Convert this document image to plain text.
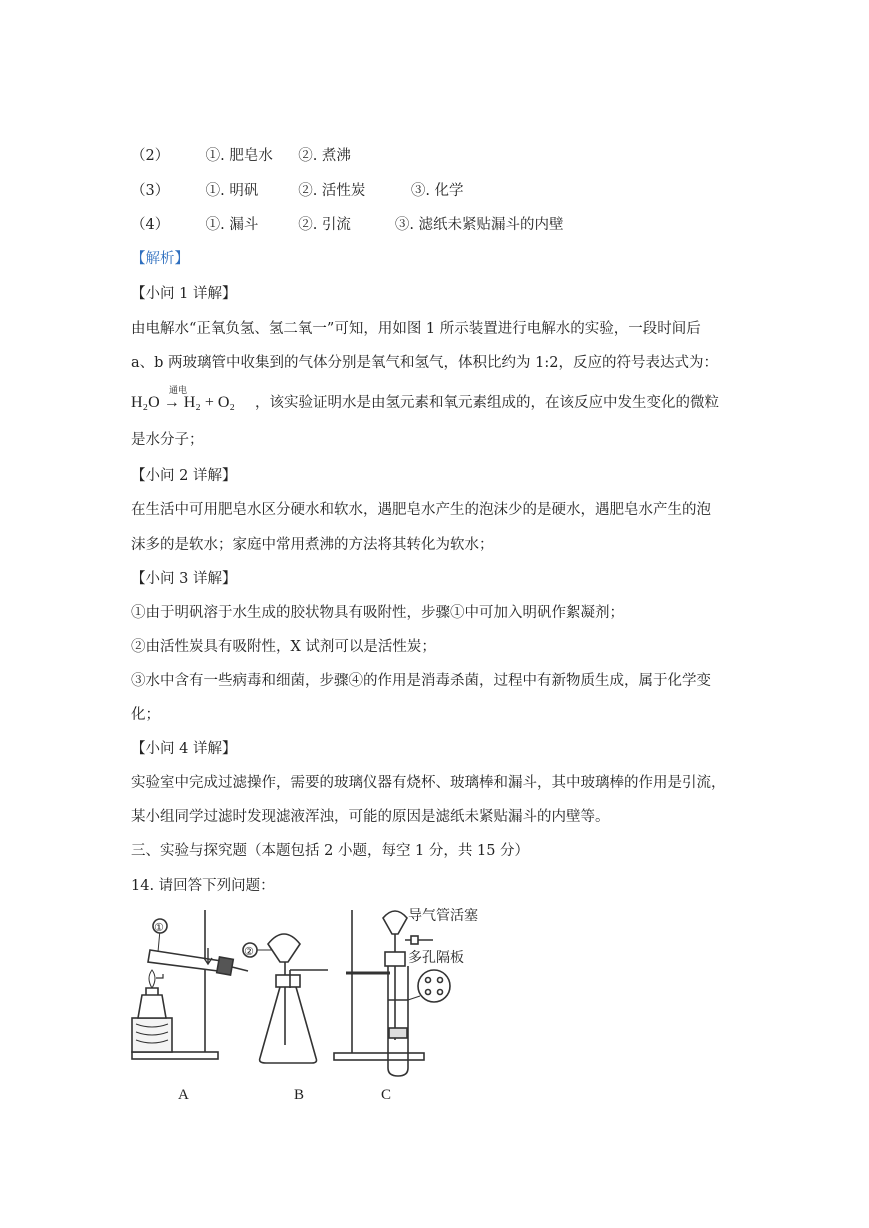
（2）	①. 肥皂水 ②. 煮沸
（3）	①. 明矾	②. 活性炭	③. 化学
（4）	①. 漏斗	②. 引流	③. 滤纸未紧贴漏斗的内壁
【解析】
【小问 1 详解】
由电解水“正氧负氢、氢二氧一”可知，用如图 1 所示装置进行电解水的实验，一段时间后
a、b 两玻璃管中收集到的气体分别是氧气和氢气，体积比约为 1:2，反应的符号表达式为：
H₂O → H₂ + O₂
通电
，该实验证明水是由氢元素和氧元素组成的，在该反应中发生变化的微粒
是水分子；
【小问 2 详解】
在生活中可用肥皂水区分硬水和软水，遇肥皂水产生的泡沫少的是硬水，遇肥皂水产生的泡
沫多的是软水；家庭中常用煮沸的方法将其转化为软水；
【小问 3 详解】
①由于明矾溶于水生成的胶状物具有吸附性，步骤①中可加入明矾作絮凝剂；
②由活性炭具有吸附性，X 试剂可以是活性炭；
③水中含有一些病毒和细菌，步骤④的作用是消毒杀菌，过程中有新物质生成，属于化学变
化；
【小问 4 详解】
实验室中完成过滤操作，需要的玻璃仪器有烧杯、玻璃棒和漏斗，其中玻璃棒的作用是引流，
某小组同学过滤时发现滤液浑浊，可能的原因是滤纸未紧贴漏斗的内壁等。
三、实验与探究题（本题包括 2 小题，每空 1 分，共 15 分）
14. 请回答下列问题：
①
②
导气管活塞
多孔隔板
A	B	C
